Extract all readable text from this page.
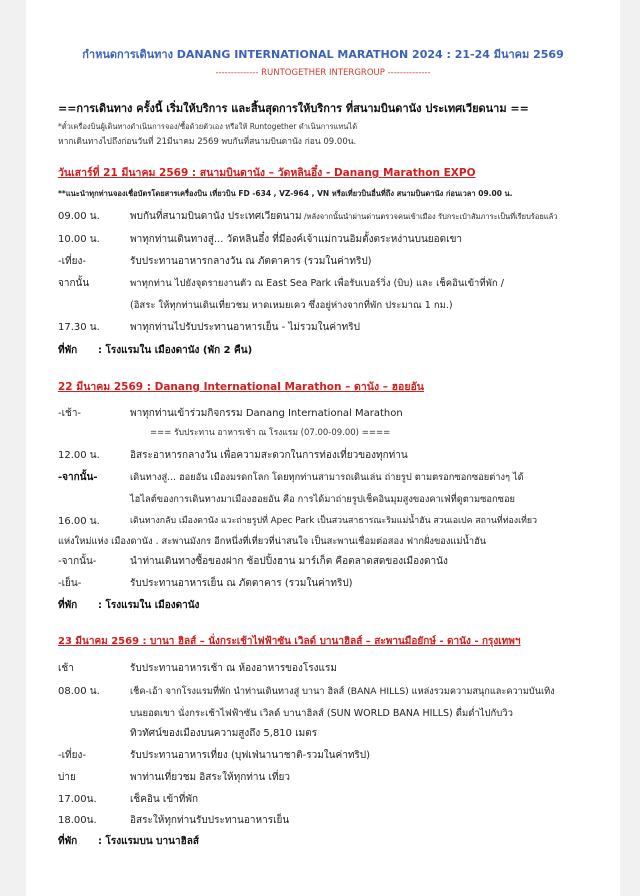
กำหนดการเดินทาง DANANG INTERNATIONAL MARATHON 2024 : 21-24 มีนาคม 2569
-------------- RUNTOGETHER INTERGROUP --------------
==การเดินทาง ครั้งนี้ เริ่มให้บริการ และสิ้นสุดการให้บริการ ที่สนามบินดานัง ประเทศเวียดนาม ==
*ตั๋วเครื่องบินผู้เดินทางดำเนินการจอง/ซื้อด้วยตัวเอง หรือให้ Runtogether ดำเนินการแทนได้
หากเดินทางไปถึงก่อนวันที่ 21มีนาคม 2569 พบกันที่สนามบินดานัง ก่อน 09.00น.
วันเสาร์ที่ 21 มีนาคม 2569 : สนามบินดานัง – วัดหลินอึ๋ง - Danang Marathon EXPO
**แนะนำทุกท่านจองเชื่อบัตรโดยสารเครื่องบิน เที่ยวบิน FD -634 , VZ-964 , VN หรือเที่ยวบินอื่นที่ถึง สนามบินดานัง ก่อนเวลา 09.00 น.
09.00 น.	พบกันที่สนามบินดานัง ประเทศเวียดนาม /หลังจากนั้นนำผ่านด่านตรวจคนเข้าเมือง รับกระเป๋าสัมภาระเป็นที่เรียบร้อยแล้ว
10.00 น.	พาทุกท่านเดินทางสู่... วัดหลินอึ๋ง ที่มีองค์เจ้าแม่กวนอิมตั้งตระหง่านบนยอดเขา
-เที่ยง-	รับประทานอาหารกลางวัน ณ ภัตตาคาร (รวมในค่าทริป)
จากนั้น	พาทุกท่าน ไปยังจุดรายงานตัว ณ East Sea Park เพื่อรับเบอร์วิ่ง (บิบ) และ เช็คอินเข้าที่พัก /
(อิสระ ให้ทุกท่านเดินเที่ยวชม หาดเหมยเคว ซึ่งอยู่ห่างจากที่พัก ประมาณ 1 กม.)
17.30 น.	พาทุกท่านไปรับประทานอาหารเย็น - ไม่รวมในค่าทริป
ที่พัก : โรงแรมใน เมืองดานัง (พัก 2 คืน)
22 มีนาคม 2569 : Danang International Marathon – ดานัง – ฮอยอัน
-เช้า-	พาทุกท่านเข้าร่วมกิจกรรม Danang International Marathon
=== รับประทาน อาหารเช้า ณ โรงแรม (07.00-09.00) ====
12.00 น.	อิสระอาหารกลางวัน เพื่อความสะดวกในการท่องเที่ยวของทุกท่าน
-จากนั้น-	เดินทางสู่... ฮอยอัน เมืองมรดกโลก โดยทุกท่านสามารถเดินเล่น ถ่ายรูป ตามตรอกซอกซอยต่างๆ ได้
ไฮไลต์ของการเดินทางมาเมืองฮอยอัน คือ การได้มาถ่ายรูปเช็คอินมุมสูงของคาเฟ่ที่ดูตามซอกซอย
16.00 น.	เดินทางกลับ เมืองดานัง แวะถ่ายรูปที่ Apec Park เป็นสวนสาธารณะริมแม่น้ำฮัน สวนเอเปค สถานที่ท่องเที่ยว
แห่งใหม่แห่ง เมืองดานัง . สะพานมังกร อีกหนึ่งที่เที่ยวที่น่าสนใจ เป็นสะพานเชื่อมต่อสอง ฟากฝั่งของแม่น้ำฮัน
-จากนั้น-	นำท่านเดินทางซื้อของฝาก ช้อปปิ้งฮาน มาร์เก็ต คือตลาดสดของเมืองดานัง
-เย็น-	รับประทานอาหารเย็น ณ ภัตตาคาร (รวมในค่าทริป)
ที่พัก : โรงแรมใน เมืองดานัง
23 มีนาคม 2569 : บานา ฮิลส์ – นั่งกระเช้าไฟฟ้าซัน เวิลด์ บานาฮิลส์ – สะพานมือยักษ์ - ดานัง - กรุงเทพฯ
เช้า	รับประทานอาหารเช้า ณ ห้องอาหารของโรงแรม
08.00 น.	เช็ค-เอ้า จากโรงแรมที่พัก นำท่านเดินทางสู่ บานา ฮิลส์ (BANA HILLS) แหล่งรวมความสนุกและความบันเทิง
บนยอดเขา นั่งกระเช้าไฟฟ้าซัน เวิลด์ บานาฮิลส์ (SUN WORLD BANA HILLS) ดื่มด่ำไปกับวิว
ทิวทัศน์ของเมืองบนความสูงถึง 5,810 เมตร
-เที่ยง-	รับประทานอาหารเที่ยง (บุฟเฟ่นานาชาติ-รวมในค่าทริป)
บ่าย	พาท่านเที่ยวชม อิสระให้ทุกท่าน เที่ยว
17.00น.	เช็คอิน เข้าที่พัก
18.00น.	อิสระให้ทุกท่านรับประทานอาหารเย็น
ที่พัก : โรงแรมบน บานาฮิลส์
